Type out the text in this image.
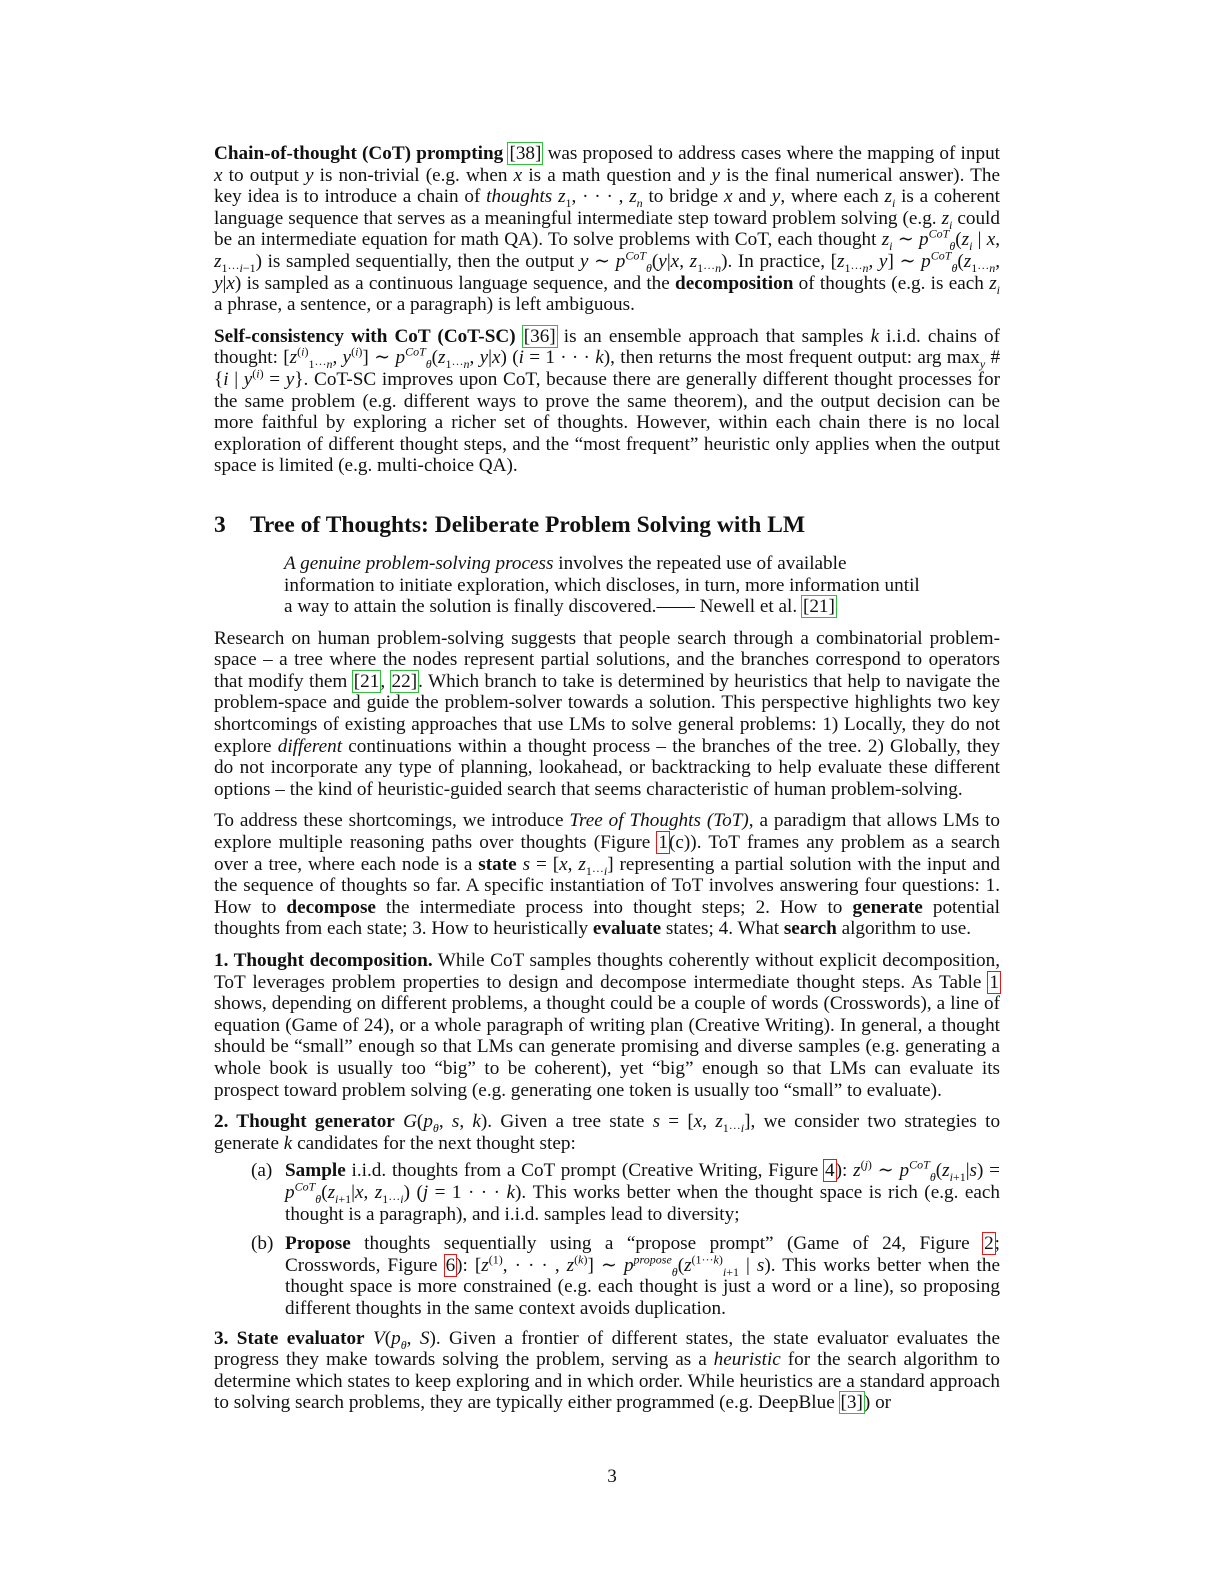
Chain-of-thought (CoT) prompting [38] was proposed to address cases where the mapping of input x to output y is non-trivial (e.g. when x is a math question and y is the final numerical answer). The key idea is to introduce a chain of thoughts $z_1$, · · · , $z_n$ to bridge x and y, where each $z_i$ is a coherent language sequence that serves as a meaningful intermediate step toward problem solving (e.g. $z_i$ could be an intermediate equation for math QA). To solve problems with CoT, each thought $z_i$ ∼ $p^{CoT}_\theta(z_i$ | x, $z_{1\cdot\cdot\cdot i-1}$) is sampled sequentially, then the output y ∼ $p^{CoT}_\theta(y|x$, $z_{1\cdot\cdot\cdot n}$). In practice, [$z_{1\cdot\cdot\cdot n}$, y] ∼ $p^{CoT}_\theta(z_{1\cdot\cdot\cdot n}$, y|x) is sampled as a continuous language sequence, and the decomposition of thoughts (e.g. is each $z_i$ a phrase, a sentence, or a paragraph) is left ambiguous.

Self-consistency with CoT (CoT-SC) [36] is an ensemble approach that samples k i.i.d. chains of thought: [$z^{(i)}_{1\cdot\cdot\cdot n}$, $y^{(i)}$] ∼ $p^{CoT}_\theta(z_{1\cdot\cdot\cdot n}$, y|x) (i = 1 · · · k), then returns the most frequent output: arg $\max_y$ #{i | $y^{(i)} = y$}. CoT-SC improves upon CoT, because there are generally different thought processes for the same problem (e.g. different ways to prove the same theorem), and the output decision can be more faithful by exploring a richer set of thoughts. However, within each chain there is no local exploration of different thought steps, and the “most frequent” heuristic only applies when the output space is limited (e.g. multi-choice QA).

3 Tree of Thoughts: Deliberate Problem Solving with LM

A genuine problem-solving process involves the repeated use of available information to initiate exploration, which discloses, in turn, more information until a way to attain the solution is finally discovered.—— Newell et al. [21]

Research on human problem-solving suggests that people search through a combinatorial problem-space – a tree where the nodes represent partial solutions, and the branches correspond to operators that modify them [21, 22]. Which branch to take is determined by heuristics that help to navigate the problem-space and guide the problem-solver towards a solution. This perspective highlights two key shortcomings of existing approaches that use LMs to solve general problems: 1) Locally, they do not explore different continuations within a thought process – the branches of the tree. 2) Globally, they do not incorporate any type of planning, lookahead, or backtracking to help evaluate these different options – the kind of heuristic-guided search that seems characteristic of human problem-solving.

To address these shortcomings, we introduce Tree of Thoughts (ToT), a paradigm that allows LMs to explore multiple reasoning paths over thoughts (Figure 1(c)). ToT frames any problem as a search over a tree, where each node is a state s = [x, $z_{1\cdot\cdot\cdot i}$] representing a partial solution with the input and the sequence of thoughts so far. A specific instantiation of ToT involves answering four questions: 1. How to decompose the intermediate process into thought steps; 2. How to generate potential thoughts from each state; 3. How to heuristically evaluate states; 4. What search algorithm to use.

1. Thought decomposition. While CoT samples thoughts coherently without explicit decomposition, ToT leverages problem properties to design and decompose intermediate thought steps. As Table 1 shows, depending on different problems, a thought could be a couple of words (Crosswords), a line of equation (Game of 24), or a whole paragraph of writing plan (Creative Writing). In general, a thought should be “small” enough so that LMs can generate promising and diverse samples (e.g. generating a whole book is usually too “big” to be coherent), yet “big” enough so that LMs can evaluate its prospect toward problem solving (e.g. generating one token is usually too “small” to evaluate).

2. Thought generator $G(p_\theta$, s, k). Given a tree state s = [x, $z_{1\cdot\cdot\cdot i}$], we consider two strategies to generate k candidates for the next thought step:

(a) Sample i.i.d. thoughts from a CoT prompt (Creative Writing, Figure 4): $z^{(j)}$ ∼ $p^{CoT}_\theta(z_{i+1}|s) = p^{CoT}_\theta(z_{i+1}|x$, $z_{1\cdot\cdot\cdot i}$) (j = 1 · · · k). This works better when the thought space is rich (e.g. each thought is a paragraph), and i.i.d. samples lead to diversity;
(b) Propose thoughts sequentially using a “propose prompt” (Game of 24, Figure 2; Crosswords, Figure 6): [$z^{(1)}$, · · · , $z^{(k)}$] ∼ $p^{propose}_\theta(z^{(1\cdot\cdot\cdot k)}_{i+1}$ | s). This works better when the thought space is more constrained (e.g. each thought is just a word or a line), so proposing different thoughts in the same context avoids duplication.

3. State evaluator $V(p_\theta$, S). Given a frontier of different states, the state evaluator evaluates the progress they make towards solving the problem, serving as a heuristic for the search algorithm to determine which states to keep exploring and in which order. While heuristics are a standard approach to solving search problems, they are typically either programmed (e.g. DeepBlue [3]) or

3
